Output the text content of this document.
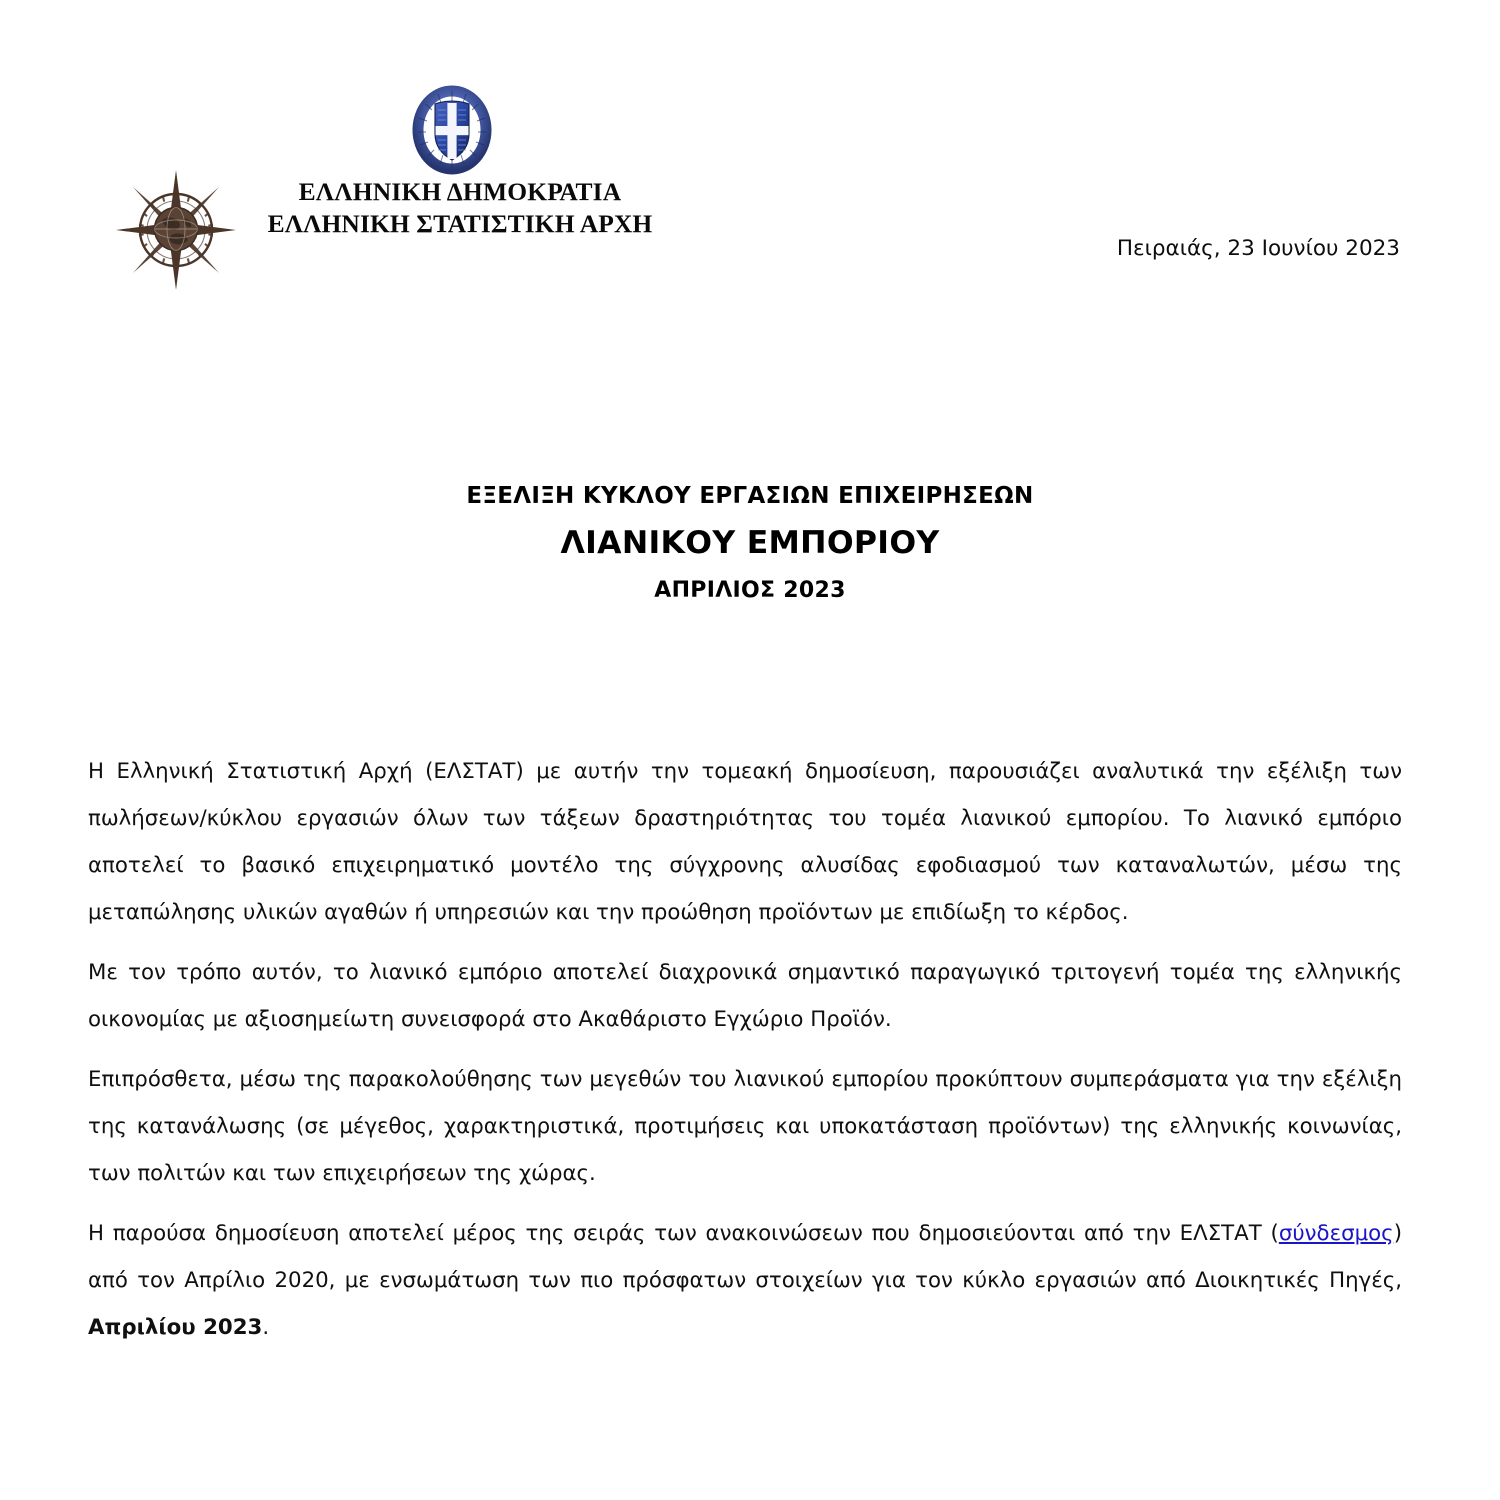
ΕΛΛΗΝΙΚΗ ΔΗΜΟΚΡΑΤΙΑ
ΕΛΛΗΝΙΚΗ ΣΤΑΤΙΣΤΙΚΗ ΑΡΧΗ
Πειραιάς, 23 Ιουνίου 2023
ΕΞΕΛΙΞΗ ΚΥΚΛΟΥ ΕΡΓΑΣΙΩΝ ΕΠΙΧΕΙΡΗΣΕΩΝ
ΛΙΑΝΙΚΟΥ ΕΜΠΟΡΙΟΥ
ΑΠΡΙΛΙΟΣ 2023

Η Ελληνική Στατιστική Αρχή (ΕΛΣΤΑΤ) με αυτήν την τομεακή δημοσίευση, παρουσιάζει αναλυτικά την εξέλιξη των πωλήσεων/κύκλου εργασιών όλων των τάξεων δραστηριότητας του τομέα λιανικού εμπορίου. Το λιανικό εμπόριο αποτελεί το βασικό επιχειρηματικό μοντέλο της σύγχρονης αλυσίδας εφοδιασμού των καταναλωτών, μέσω της μεταπώλησης υλικών αγαθών ή υπηρεσιών και την προώθηση προϊόντων με επιδίωξη το κέρδος.

Με τον τρόπο αυτόν, το λιανικό εμπόριο αποτελεί διαχρονικά σημαντικό παραγωγικό τριτογενή τομέα της ελληνικής οικονομίας με αξιοσημείωτη συνεισφορά στο Ακαθάριστο Εγχώριο Προϊόν.

Επιπρόσθετα, μέσω της παρακολούθησης των μεγεθών του λιανικού εμπορίου προκύπτουν συμπεράσματα για την εξέλιξη της κατανάλωσης (σε μέγεθος, χαρακτηριστικά, προτιμήσεις και υποκατάσταση προϊόντων) της ελληνικής κοινωνίας, των πολιτών και των επιχειρήσεων της χώρας.

Η παρούσα δημοσίευση αποτελεί μέρος της σειράς των ανακοινώσεων που δημοσιεύονται από την ΕΛΣΤΑΤ (σύνδεσμος) από τον Απρίλιο 2020, με ενσωμάτωση των πιο πρόσφατων στοιχείων για τον κύκλο εργασιών από Διοικητικές Πηγές, Απριλίου 2023.
